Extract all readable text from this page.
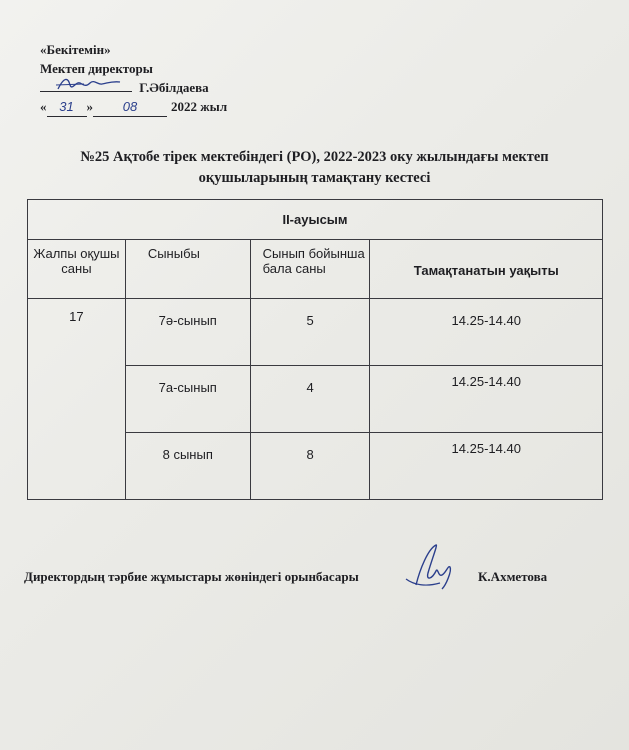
«Бекітемін»
Мектеп директоры
Г.Әбілдаева
« 31 » 08	2022 жыл
№25 Ақтобе тірек мектебіндегі (РО), 2022-2023 оку жылындағы мектеп
оқушыларының тамақтану кестесі
ІІ-ауысым			
Жалпы оқушы саны	Сыныбы	Сынып бойынша бала саны	Тамақтанатын уақыты
17	7ә-сынып	5	14.25-14.40
	7а-сынып	4	14.25-14.40
	8 сынып	8	14.25-14.40
Директордың тәрбие жұмыстары жөніндегі орынбасары	К.Ахметова
